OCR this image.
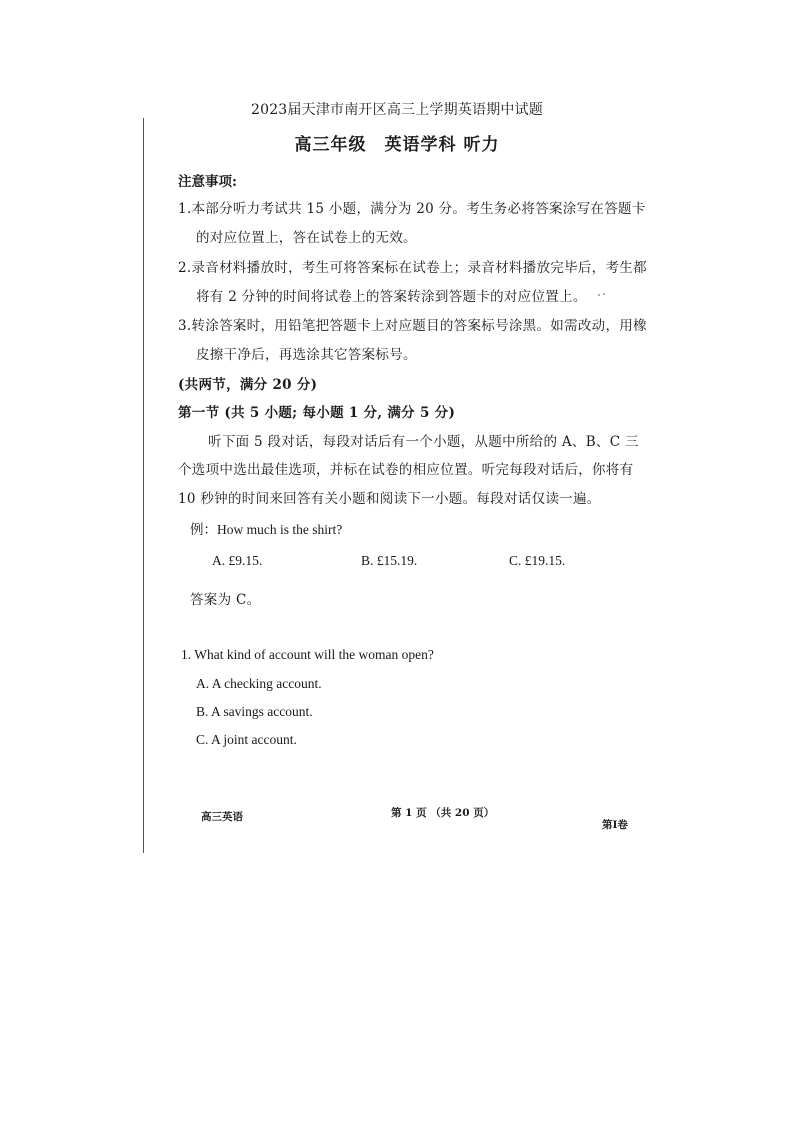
2023届天津市南开区高三上学期英语期中试题
高三年级　英语学科 听力
注意事项:
1.本部分听力考试共 15 小题，满分为 20 分。考生务必将答案涂写在答题卡
的对应位置上，答在试卷上的无效。
2.录音材料播放时，考生可将答案标在试卷上；录音材料播放完毕后，考生都
将有 2 分钟的时间将试卷上的答案转涂到答题卡的对应位置上。
3.转涂答案时，用铅笔把答题卡上对应题目的答案标号涂黑。如需改动，用橡
皮擦干净后，再选涂其它答案标号。
(共两节，满分 20 分)
第一节 (共 5 小题; 每小题 1 分, 满分 5 分)
听下面 5 段对话，每段对话后有一个小题，从题中所给的 A、B、C 三
个选项中选出最佳选项，并标在试卷的相应位置。听完每段对话后，你将有
10 秒钟的时间来回答有关小题和阅读下一小题。每段对话仅读一遍。
例：How much is the shirt?
A. £9.15.	B. £15.19.	C. £19.15.
答案为 C。
1. What kind of account will the woman open?
A. A checking account.
B. A savings account.
C. A joint account.
高三英语	第 1 页 （共 20 页）
第Ⅰ卷
